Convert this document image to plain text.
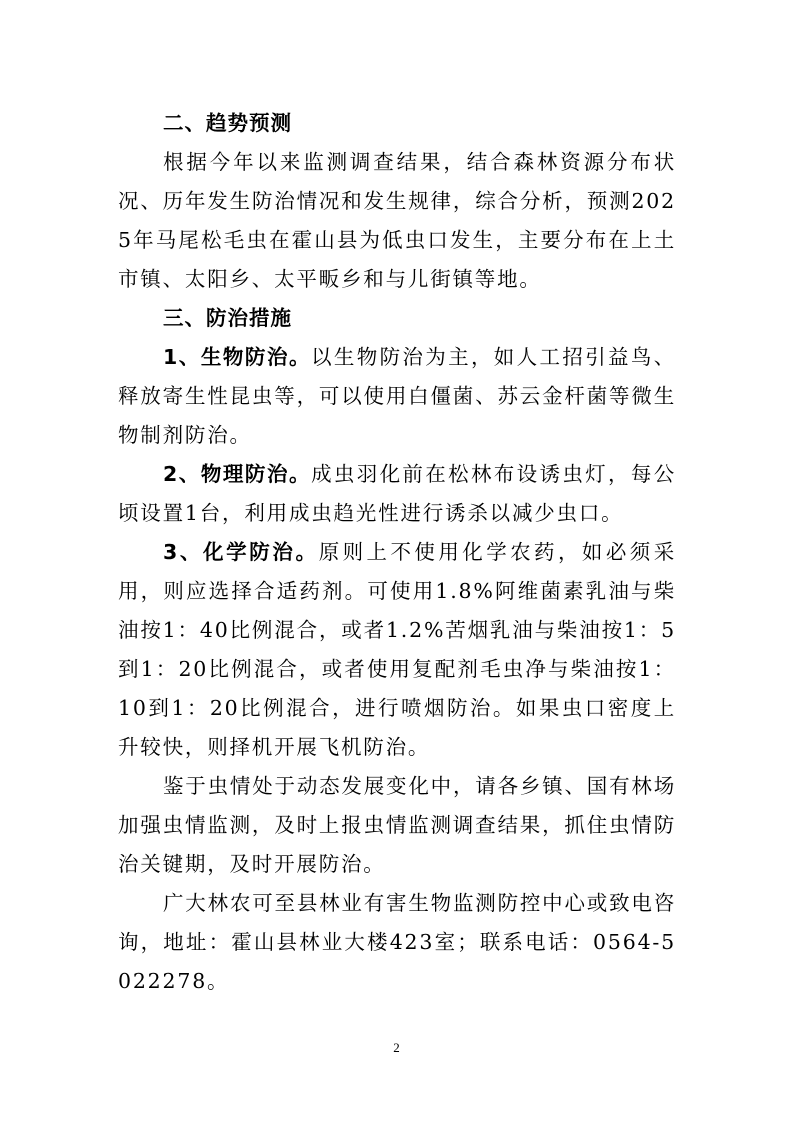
二、趋势预测

根据今年以来监测调查结果，结合森林资源分布状况、历年发生防治情况和发生规律，综合分析，预测2025年马尾松毛虫在霍山县为低虫口发生，主要分布在上土市镇、太阳乡、太平畈乡和与儿街镇等地。

三、防治措施

1、生物防治。以生物防治为主，如人工招引益鸟、释放寄生性昆虫等，可以使用白僵菌、苏云金杆菌等微生物制剂防治。

2、物理防治。成虫羽化前在松林布设诱虫灯，每公顷设置1台，利用成虫趋光性进行诱杀以减少虫口。

3、化学防治。原则上不使用化学农药，如必须采用，则应选择合适药剂。可使用1.8%阿维菌素乳油与柴油按1：40比例混合，或者1.2%苦烟乳油与柴油按1：5到1：20比例混合，或者使用复配剂毛虫净与柴油按1：10到1：20比例混合，进行喷烟防治。如果虫口密度上升较快，则择机开展飞机防治。

鉴于虫情处于动态发展变化中，请各乡镇、国有林场加强虫情监测，及时上报虫情监测调查结果，抓住虫情防治关键期，及时开展防治。

广大林农可至县林业有害生物监测防控中心或致电咨询，地址：霍山县林业大楼423室；联系电话：0564-5022278。

2
